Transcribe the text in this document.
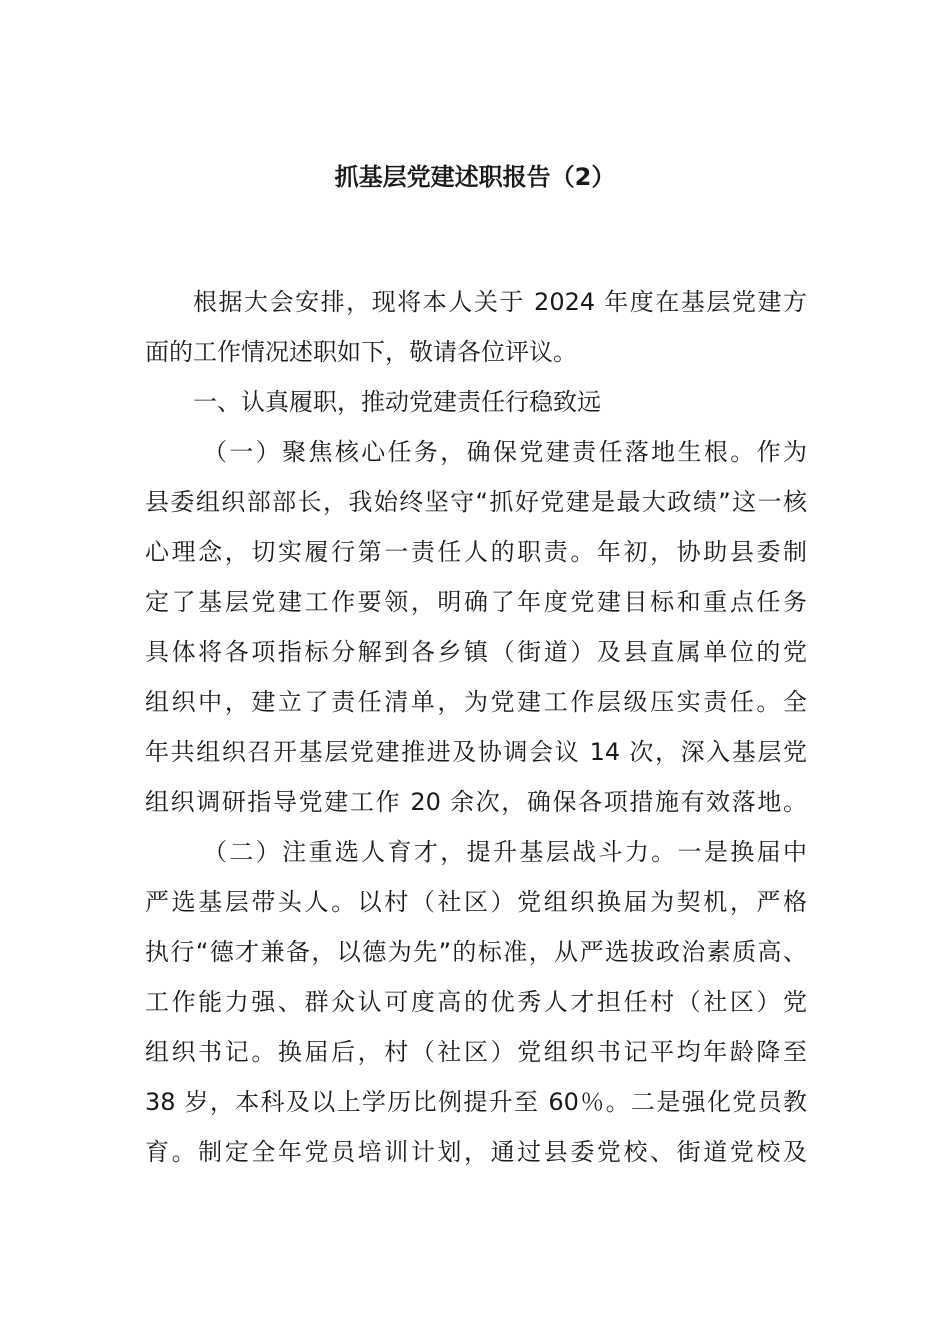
抓基层党建述职报告（2）
根据大会安排，现将本人关于 2024 年度在基层党建方
面的工作情况述职如下，敬请各位评议。
一、认真履职，推动党建责任行稳致远
（一）聚焦核心任务，确保党建责任落地生根。作为
县委组织部部长，我始终坚守“抓好党建是最大政绩”这一核
心理念，切实履行第一责任人的职责。年初，协助县委制
定了基层党建工作要领，明确了年度党建目标和重点任务
具体将各项指标分解到各乡镇（街道）及县直属单位的党
组织中，建立了责任清单，为党建工作层级压实责任。全
年共组织召开基层党建推进及协调会议 14 次，深入基层党
组织调研指导党建工作 20 余次，确保各项措施有效落地。
（二）注重选人育才，提升基层战斗力。一是换届中
严选基层带头人。以村（社区）党组织换届为契机，严格
执行“德才兼备，以德为先”的标准，从严选拔政治素质高、
工作能力强、群众认可度高的优秀人才担任村（社区）党
组织书记。换届后，村（社区）党组织书记平均年龄降至
38 岁，本科及以上学历比例提升至 60％。二是强化党员教
育。制定全年党员培训计划，通过县委党校、街道党校及
